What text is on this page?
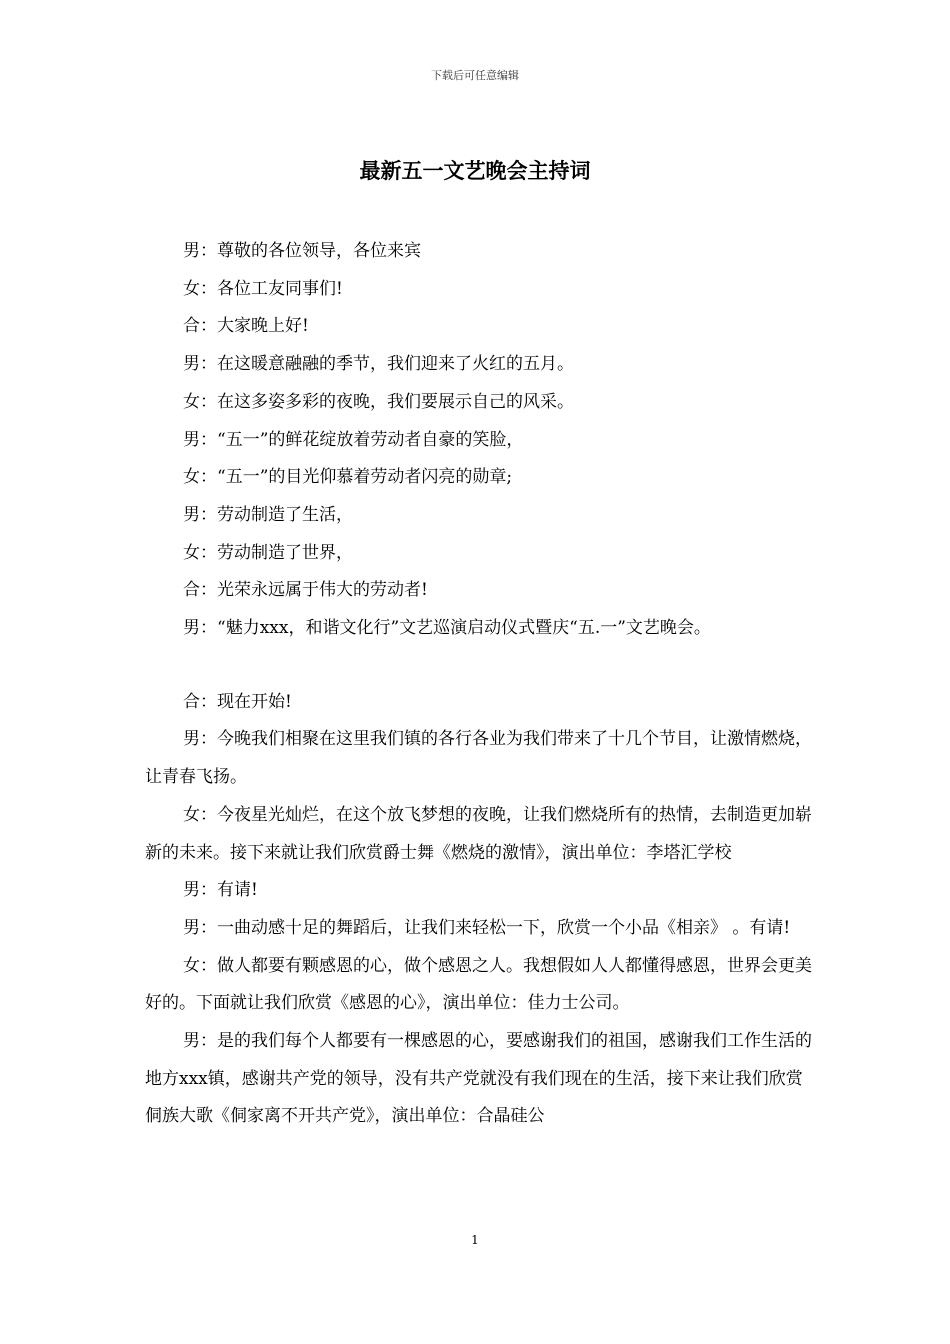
下载后可任意编辑
最新五一文艺晚会主持词

男：尊敬的各位领导，各位来宾

女：各位工友同事们!

合：大家晚上好!

男：在这暖意融融的季节，我们迎来了火红的五月。

女：在这多姿多彩的夜晚，我们要展示自己的风采。

男：“五一”的鲜花绽放着劳动者自豪的笑脸，

女：“五一”的目光仰慕着劳动者闪亮的勋章;

男：劳动制造了生活，

女：劳动制造了世界，

合：光荣永远属于伟大的劳动者!

男：“魅力xxx，和谐文化行”文艺巡演启动仪式暨庆“五.一”文艺晚会。

合：现在开始!

男：今晚我们相聚在这里我们镇的各行各业为我们带来了十几个节目，让激情燃烧，让青春飞扬。

女：今夜星光灿烂，在这个放飞梦想的夜晚，让我们燃烧所有的热情，去制造更加崭新的未来。接下来就让我们欣赏爵士舞《燃烧的激情》，演出单位：李塔汇学校

男：有请!

男：一曲动感十足的舞蹈后，让我们来轻松一下，欣赏一个小品《相亲》 。有请!

女：做人都要有颗感恩的心，做个感恩之人。我想假如人人都懂得感恩，世界会更美好的。下面就让我们欣赏《感恩的心》，演出单位：佳力士公司。

男：是的我们每个人都要有一棵感恩的心，要感谢我们的祖国，感谢我们工作生活的地方xxx镇，感谢共产党的领导，没有共产党就没有我们现在的生活，接下来让我们欣赏侗族大歌《侗家离不开共产党》，演出单位：合晶硅公

1
